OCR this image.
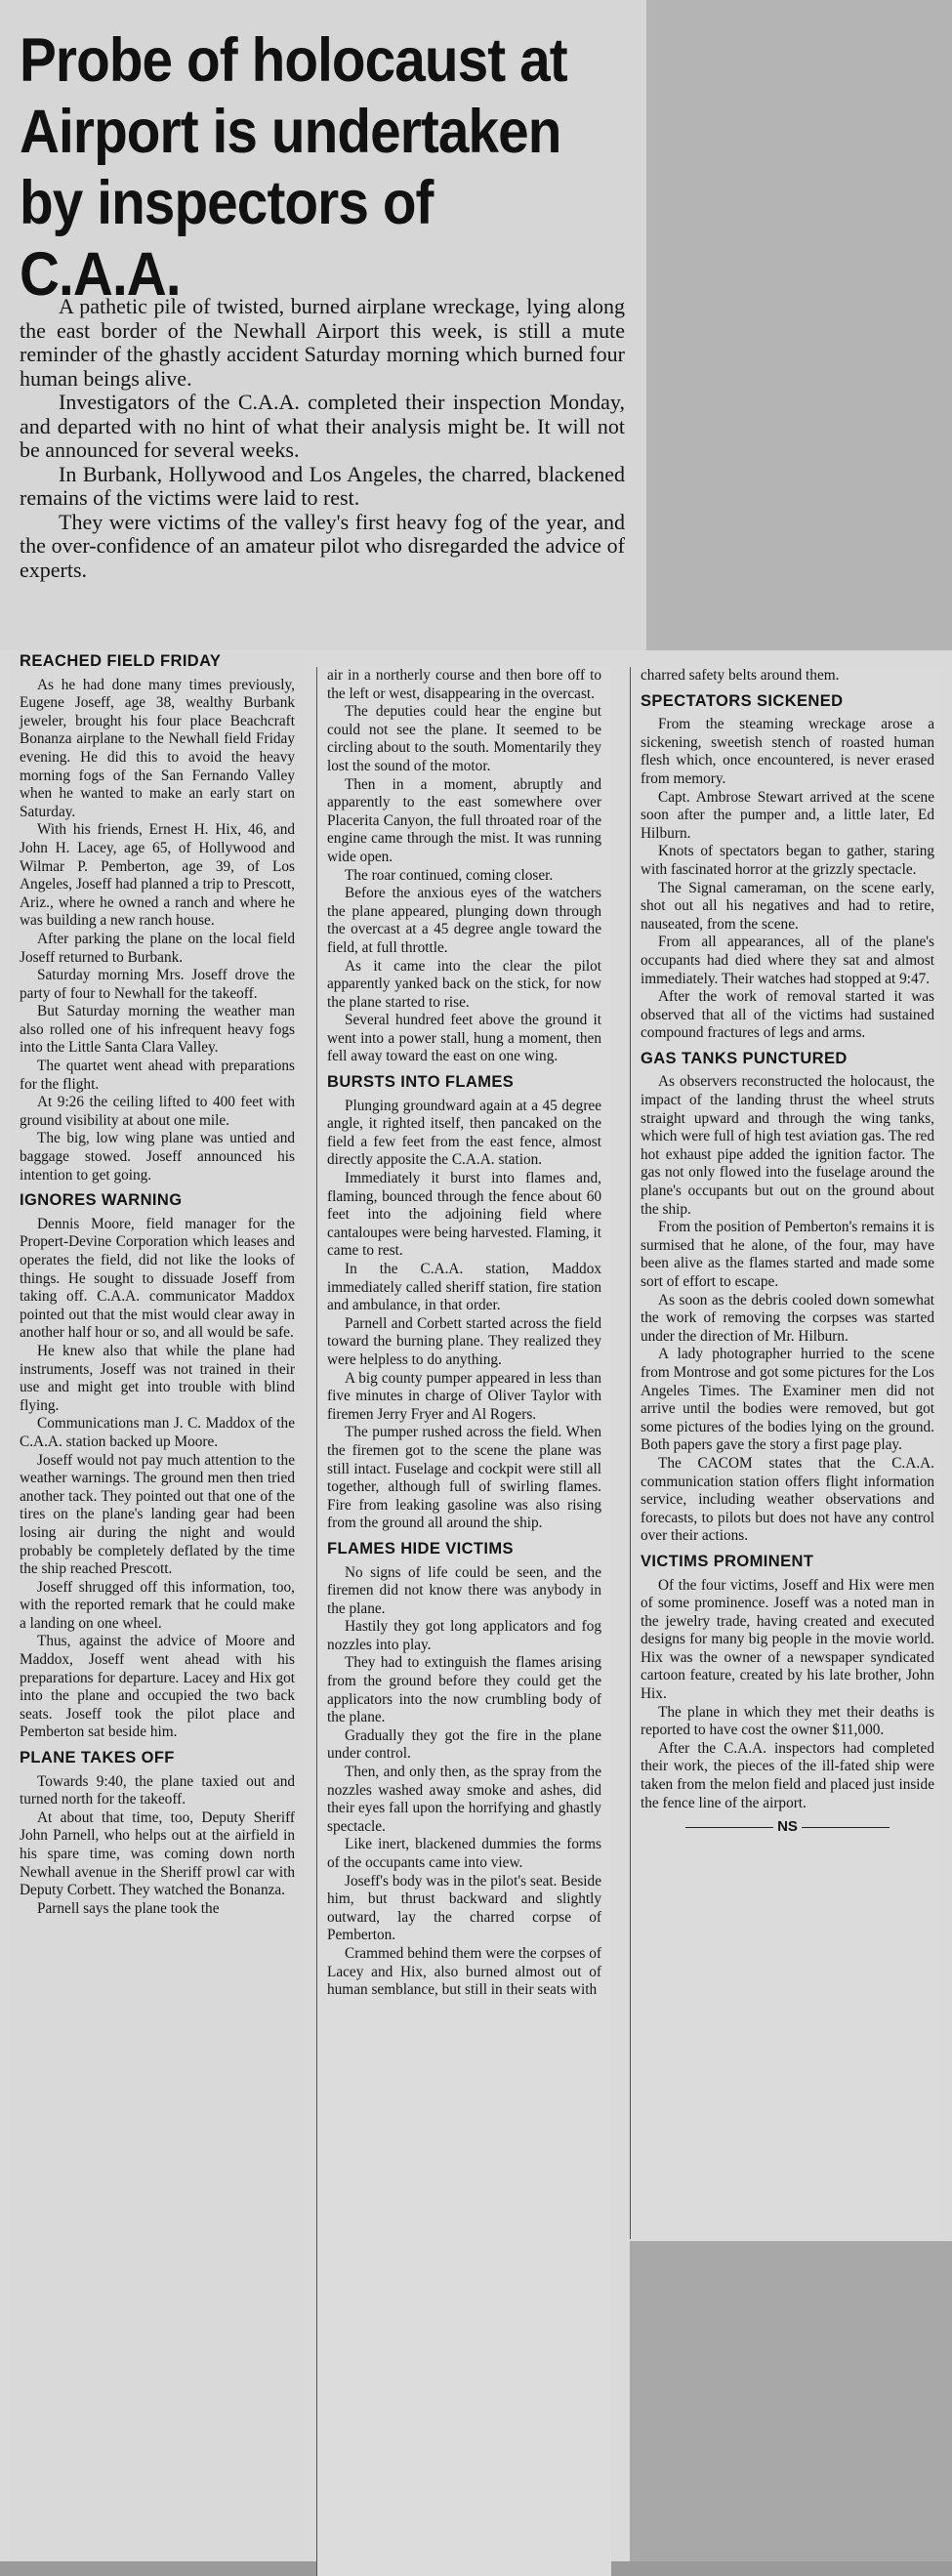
Probe of holocaust at Airport is undertaken by inspectors of C.A.A.

A pathetic pile of twisted, burned airplane wreckage, lying along the east border of the Newhall Airport this week, is still a mute reminder of the ghastly accident Saturday morning which burned four human beings alive.

Investigators of the C.A.A. completed their inspection Monday, and departed with no hint of what their analysis might be. It will not be announced for several weeks.

In Burbank, Hollywood and Los Angeles, the charred, blackened remains of the victims were laid to rest.

They were victims of the valley's first heavy fog of the year, and the over-confidence of an amateur pilot who disregarded the advice of experts.

REACHED FIELD FRIDAY

As he had done many times previously, Eugene Joseff, age 38, wealthy Burbank jeweler, brought his four place Beachcraft Bonanza airplane to the Newhall field Friday evening. He did this to avoid the heavy morning fogs of the San Fernando Valley when he wanted to make an early start on Saturday.

With his friends, Ernest H. Hix, 46, and John H. Lacey, age 65, of Hollywood and Wilmar P. Pemberton, age 39, of Los Angeles, Joseff had planned a trip to Prescott, Ariz., where he owned a ranch and where he was building a new ranch house.

After parking the plane on the local field Joseff returned to Burbank.

Saturday morning Mrs. Joseff drove the party of four to Newhall for the takeoff.

But Saturday morning the weather man also rolled one of his infrequent heavy fogs into the Little Santa Clara Valley.

The quartet went ahead with preparations for the flight.

At 9:26 the ceiling lifted to 400 feet with ground visibility at about one mile.

The big, low wing plane was untied and baggage stowed. Joseff announced his intention to get going.

IGNORES WARNING

Dennis Moore, field manager for the Propert-Devine Corporation which leases and operates the field, did not like the looks of things. He sought to dissuade Joseff from taking off. C.A.A. communicator Maddox pointed out that the mist would clear away in another half hour or so, and all would be safe.

He knew also that while the plane had instruments, Joseff was not trained in their use and might get into trouble with blind flying.

Communications man J. C. Maddox of the C.A.A. station backed up Moore.

Joseff would not pay much attention to the weather warnings. The ground men then tried another tack. They pointed out that one of the tires on the plane's landing gear had been losing air during the night and would probably be completely deflated by the time the ship reached Prescott.

Joseff shrugged off this information, too, with the reported remark that he could make a landing on one wheel.

Thus, against the advice of Moore and Maddox, Joseff went ahead with his preparations for departure. Lacey and Hix got into the plane and occupied the two back seats. Joseff took the pilot place and Pemberton sat beside him.

PLANE TAKES OFF

Towards 9:40, the plane taxied out and turned north for the takeoff.

At about that time, too, Deputy Sheriff John Parnell, who helps out at the airfield in his spare time, was coming down north Newhall avenue in the Sheriff prowl car with Deputy Corbett. They watched the Bonanza.

Parnell says the plane took the

air in a northerly course and then bore off to the left or west, disappearing in the overcast.

The deputies could hear the engine but could not see the plane. It seemed to be circling about to the south. Momentarily they lost the sound of the motor.

Then in a moment, abruptly and apparently to the east somewhere over Placerita Canyon, the full throated roar of the engine came through the mist. It was running wide open.

The roar continued, coming closer.

Before the anxious eyes of the watchers the plane appeared, plunging down through the overcast at a 45 degree angle toward the field, at full throttle.

As it came into the clear the pilot apparently yanked back on the stick, for now the plane started to rise.

Several hundred feet above the ground it went into a power stall, hung a moment, then fell away toward the east on one wing.

BURSTS INTO FLAMES

Plunging groundward again at a 45 degree angle, it righted itself, then pancaked on the field a few feet from the east fence, almost directly apposite the C.A.A. station.

Immediately it burst into flames and, flaming, bounced through the fence about 60 feet into the adjoining field where cantaloupes were being harvested. Flaming, it came to rest.

In the C.A.A. station, Maddox immediately called sheriff station, fire station and ambulance, in that order.

Parnell and Corbett started across the field toward the burning plane. They realized they were helpless to do anything.

A big county pumper appeared in less than five minutes in charge of Oliver Taylor with firemen Jerry Fryer and Al Rogers.

The pumper rushed across the field. When the firemen got to the scene the plane was still intact. Fuselage and cockpit were still all together, although full of swirling flames. Fire from leaking gasoline was also rising from the ground all around the ship.

FLAMES HIDE VICTIMS

No signs of life could be seen, and the firemen did not know there was anybody in the plane.

Hastily they got long applicators and fog nozzles into play.

They had to extinguish the flames arising from the ground before they could get the applicators into the now crumbling body of the plane.

Gradually they got the fire in the plane under control.

Then, and only then, as the spray from the nozzles washed away smoke and ashes, did their eyes fall upon the horrifying and ghastly spectacle.

Like inert, blackened dummies the forms of the occupants came into view.

Joseff's body was in the pilot's seat. Beside him, but thrust backward and slightly outward, lay the charred corpse of Pemberton.

Crammed behind them were the corpses of Lacey and Hix, also burned almost out of human semblance, but still in their seats with

charred safety belts around them.

SPECTATORS SICKENED

From the steaming wreckage arose a sickening, sweetish stench of roasted human flesh which, once encountered, is never erased from memory.

Capt. Ambrose Stewart arrived at the scene soon after the pumper and, a little later, Ed Hilburn.

Knots of spectators began to gather, staring with fascinated horror at the grizzly spectacle.

The Signal cameraman, on the scene early, shot out all his negatives and had to retire, nauseated, from the scene.

From all appearances, all of the plane's occupants had died where they sat and almost immediately. Their watches had stopped at 9:47.

After the work of removal started it was observed that all of the victims had sustained compound fractures of legs and arms.

GAS TANKS PUNCTURED

As observers reconstructed the holocaust, the impact of the landing thrust the wheel struts straight upward and through the wing tanks, which were full of high test aviation gas. The red hot exhaust pipe added the ignition factor. The gas not only flowed into the fuselage around the plane's occupants but out on the ground about the ship.

From the position of Pemberton's remains it is surmised that he alone, of the four, may have been alive as the flames started and made some sort of effort to escape.

As soon as the debris cooled down somewhat the work of removing the corpses was started under the direction of Mr. Hilburn.

A lady photographer hurried to the scene from Montrose and got some pictures for the Los Angeles Times. The Examiner men did not arrive until the bodies were removed, but got some pictures of the bodies lying on the ground. Both papers gave the story a first page play.

The CACOM states that the C.A.A. communication station offers flight information service, including weather observations and forecasts, to pilots but does not have any control over their actions.

VICTIMS PROMINENT

Of the four victims, Joseff and Hix were men of some prominence. Joseff was a noted man in the jewelry trade, having created and executed designs for many big people in the movie world. Hix was the owner of a newspaper syndicated cartoon feature, created by his late brother, John Hix.

The plane in which they met their deaths is reported to have cost the owner $11,000.

After the C.A.A. inspectors had completed their work, the pieces of the ill-fated ship were taken from the melon field and placed just inside the fence line of the airport.

NS
